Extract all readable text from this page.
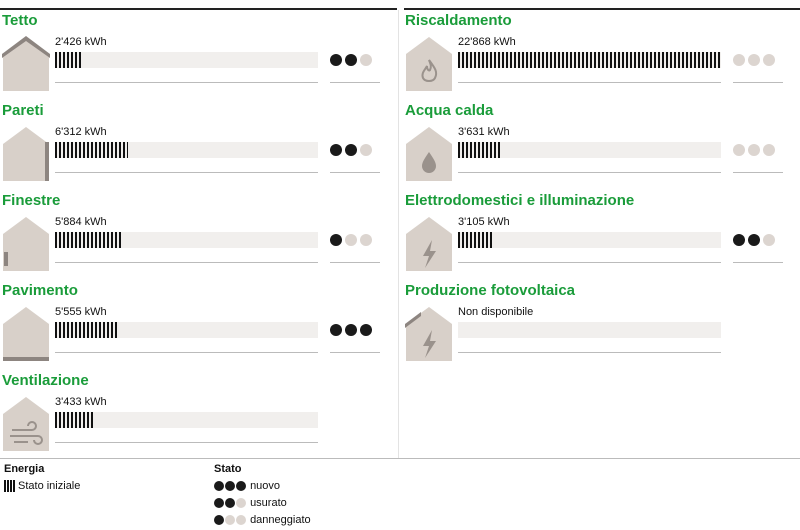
Tetto
2'426 kWh
Pareti
6'312 kWh
Finestre
5'884 kWh
Pavimento
5'555 kWh
Ventilazione
3'433 kWh
Riscaldamento
22'868 kWh
Acqua calda
3'631 kWh
Elettrodomestici e illuminazione
3'105 kWh
Produzione fotovoltaica
Non disponibile
Energia
Stato iniziale
Stato
nuovo
usurato
danneggiato
